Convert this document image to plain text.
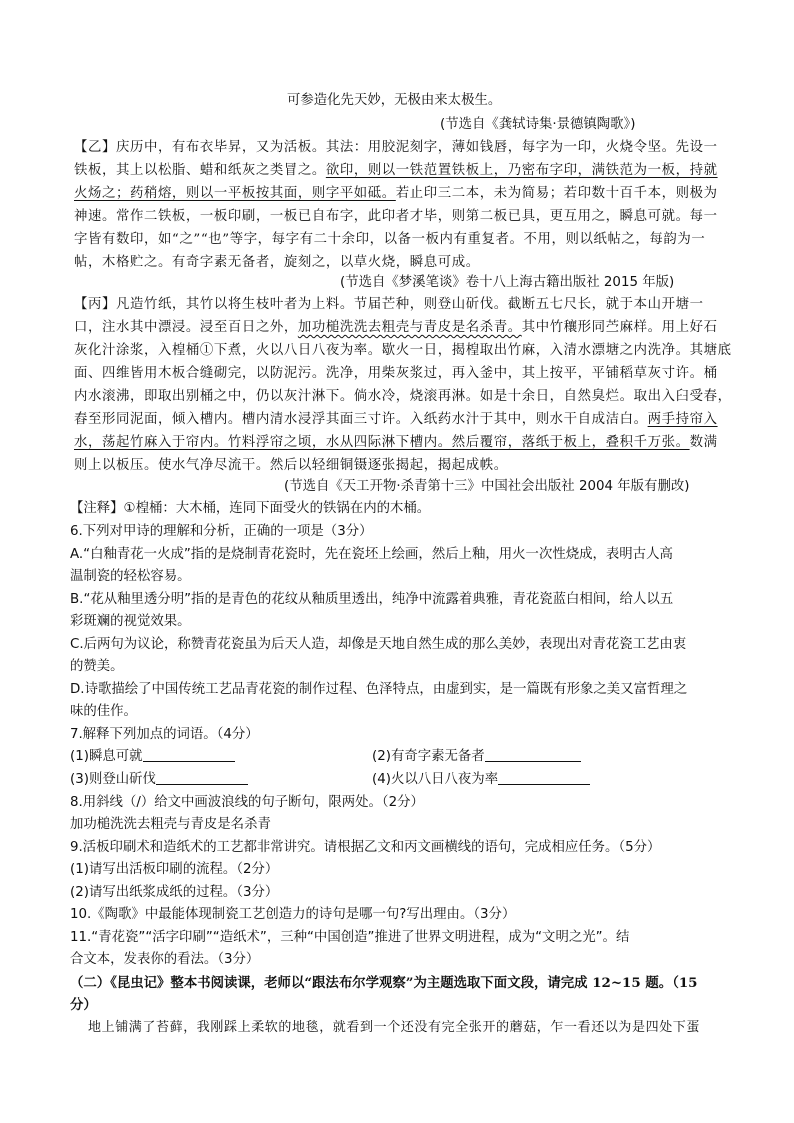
可参造化先天妙，无极由来太极生。
(节选自《龚轼诗集·景德镇陶歌》)
【乙】庆历中，有布衣毕昇，又为活板。其法：用胶泥刻字，薄如钱唇，每字为一印，火烧令坚。先设一
铁板，其上以松脂、蜡和纸灰之类冒之。欲印，则以一铁范置铁板上，乃密布字印，满铁范为一板，持就
火炀之；药稍熔，则以一平板按其面，则字平如砥。若止印三二本，未为简易；若印数十百千本，则极为
神速。常作二铁板，一板印刷，一板已自布字，此印者才毕，则第二板已具，更互用之，瞬息可就。每一
字皆有数印，如“之”“也”等字，每字有二十余印，以备一板内有重复者。不用，则以纸帖之，每韵为一
帖，木格贮之。有奇字素无备者，旋刻之，以草火烧，瞬息可成。
(节选自《梦溪笔谈》卷十八上海古籍出版社 2015 年版)
【丙】凡造竹纸，其竹以将生枝叶者为上料。节届芒种，则登山斫伐。截断五七尺长，就于本山开塘一
口，注水其中漂浸。浸至百日之外，加功槌洗洗去粗壳与青皮是名杀青。其中竹穰形同苎麻样。用上好石
灰化汁涂浆，入楻桶①下煮，火以八日八夜为率。歇火一日，揭楻取出竹麻，入清水漂塘之内洗净。其塘底
面、四维皆用木板合缝砌完，以防泥污。洗净，用柴灰浆过，再入釜中，其上按平，平铺稻草灰寸许。桶
内水滚沸，即取出别桶之中，仍以灰汁淋下。倘水冷，烧滚再淋。如是十余日，自然臭烂。取出入臼受春，
舂至形同泥面，倾入槽内。槽内清水浸浮其面三寸许。入纸药水汁于其中，则水干自成洁白。两手持帘入
水，荡起竹麻入于帘内。竹料浮帘之顷，水从四际淋下槽内。然后覆帘，落纸于板上，叠积千万张。数满
则上以板压。使水气净尽流干。然后以轻细铜镊逐张揭起，揭起成帙。
(节选自《天工开物·杀青第十三》中国社会出版社 2004 年版有删改)
【注释】①楻桶：大木桶，连同下面受火的铁锅在内的木桶。
6.下列对甲诗的理解和分析，正确的一项是（3分）
A.“白釉青花一火成”指的是烧制青花瓷时，先在瓷坯上绘画，然后上釉，用火一次性烧成，表明古人高
温制瓷的轻松容易。
B.“花从釉里透分明”指的是青色的花纹从釉质里透出，纯净中流露着典雅，青花瓷蓝白相间，给人以五
彩斑斓的视觉效果。
C.后两句为议论，称赞青花瓷虽为后天人造，却像是天地自然生成的那么美妙，表现出对青花瓷工艺由衷
的赞美。
D.诗歌描绘了中国传统工艺品青花瓷的制作过程、色泽特点，由虚到实，是一篇既有形象之美又富哲理之
味的佳作。
7.解释下列加点的词语。（4分）
(1)瞬息可就	(2)有奇字素无备者
(3)则登山斫伐	(4)火以八日八夜为率
8.用斜线（/）给文中画波浪线的句子断句，限两处。（2分）
加功槌洗洗去粗壳与青皮是名杀青
9.活板印刷术和造纸术的工艺都非常讲究。请根据乙文和丙文画横线的语句，完成相应任务。（5分）
(1)请写出活板印刷的流程。（2分）
(2)请写出纸浆成纸的过程。（3分）
10.《陶歌》中最能体现制瓷工艺创造力的诗句是哪一句?写出理由。（3分）
11.“青花瓷”“活字印刷”“造纸术”，三种“中国创造”推进了世界文明进程，成为“文明之光”。结
合文本，发表你的看法。（3分）
（二）《昆虫记》整本书阅读课，老师以“跟法布尔学观察”为主题选取下面文段，请完成 12~15 题。（15
分）
地上铺满了苔藓，我刚踩上柔软的地毯，就看到一个还没有完全张开的蘑菇，乍一看还以为是四处下蛋
